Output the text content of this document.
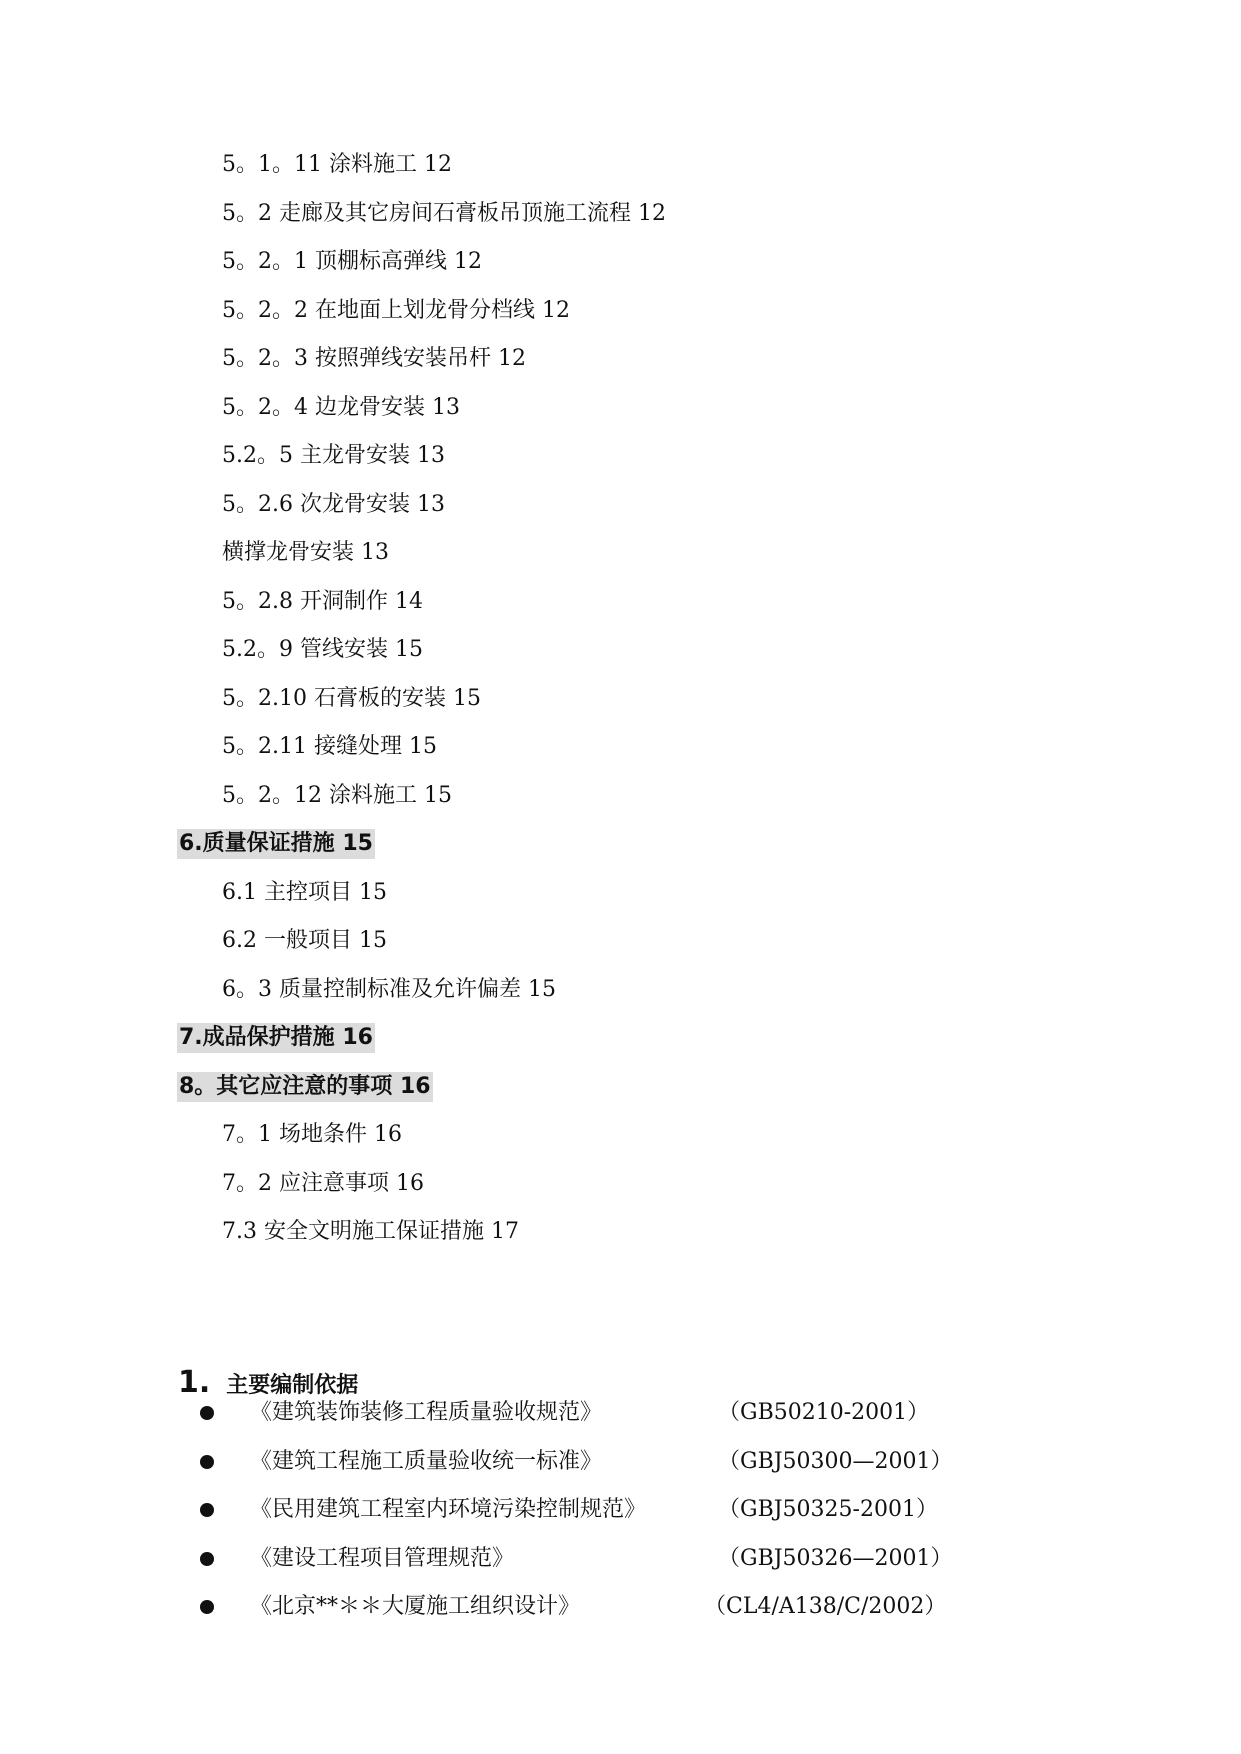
5。1。11 涂料施工 12
5。2 走廊及其它房间石膏板吊顶施工流程 12
5。2。1 顶棚标高弹线 12
5。2。2 在地面上划龙骨分档线 12
5。2。3 按照弹线安装吊杆 12
5。2。4 边龙骨安装 13
5.2。5 主龙骨安装 13
5。2.6 次龙骨安装 13
横撑龙骨安装 13
5。2.8 开洞制作 14
5.2。9 管线安装 15
5。2.10 石膏板的安装 15
5。2.11 接缝处理 15
5。2。12 涂料施工 15
6.质量保证措施 15
6.1 主控项目 15
6.2 一般项目 15
6。3 质量控制标准及允许偏差 15
7.成品保护措施 16
8。其它应注意的事项 16
7。1 场地条件 16
7。2 应注意事项 16
7.3 安全文明施工保证措施 17
1. 主要编制依据
《建筑装饰装修工程质量验收规范》	（GB50210-2001）
《建筑工程施工质量验收统一标准》	（GBJ50300—2001）
《民用建筑工程室内环境污染控制规范》	（GBJ50325-2001）
《建设工程项目管理规范》	（GBJ50326—2001）
《北京**＊＊大厦施工组织设计》	（CL4/A138/C/2002）
